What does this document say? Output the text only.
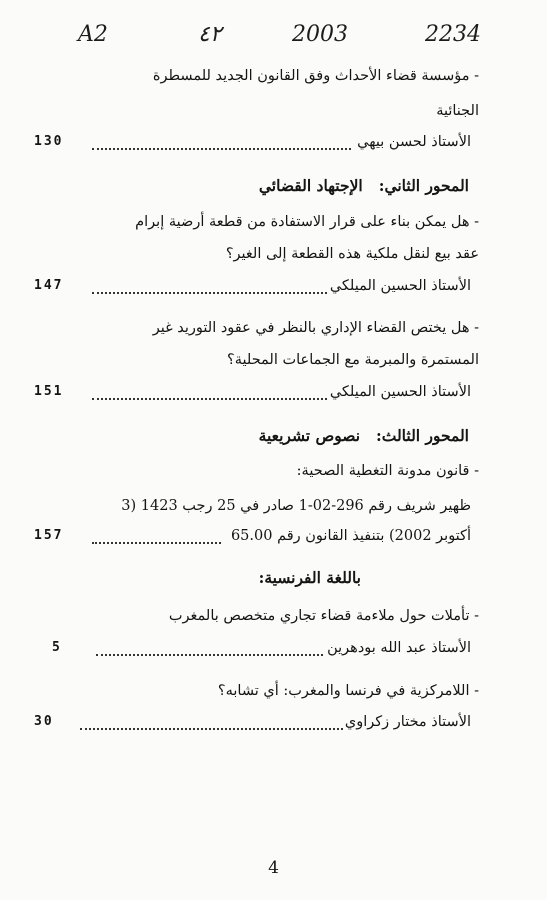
A2	٤٢	2003	2234
- مؤسسة قضاء الأحداث وفق القانون الجديد للمسطرة
الجنائية
130	الأستاذ لحسن بيهي
المحور الثاني:الإجتهاد القضائي
- هل يمكن بناء على قرار الاستفادة من قطعة أرضية إبرام
عقد بيع لنقل ملكية هذه القطعة إلى الغير؟
147	الأستاذ الحسين الميلكي
- هل يختص القضاء الإداري بالنظر في عقود التوريد غير
المستمرة والمبرمة مع الجماعات المحلية؟
151	الأستاذ الحسين الميلكي
المحور الثالث:نصوص تشريعية
- قانون مدونة التغطية الصحية:
ظهير شريف رقم 296-02-1 صادر في 25 رجب 1423 (3
157	أكتوبر 2002) بتنفيذ القانون رقم 65.00
باللغة الفرنسية:
- تأملات حول ملاءمة قضاء تجاري متخصص بالمغرب
5	الأستاذ عبد الله بودهرين
- اللامركزية في فرنسا والمغرب: أي تشابه؟
30	الأستاذ مختار زكراوي
4
